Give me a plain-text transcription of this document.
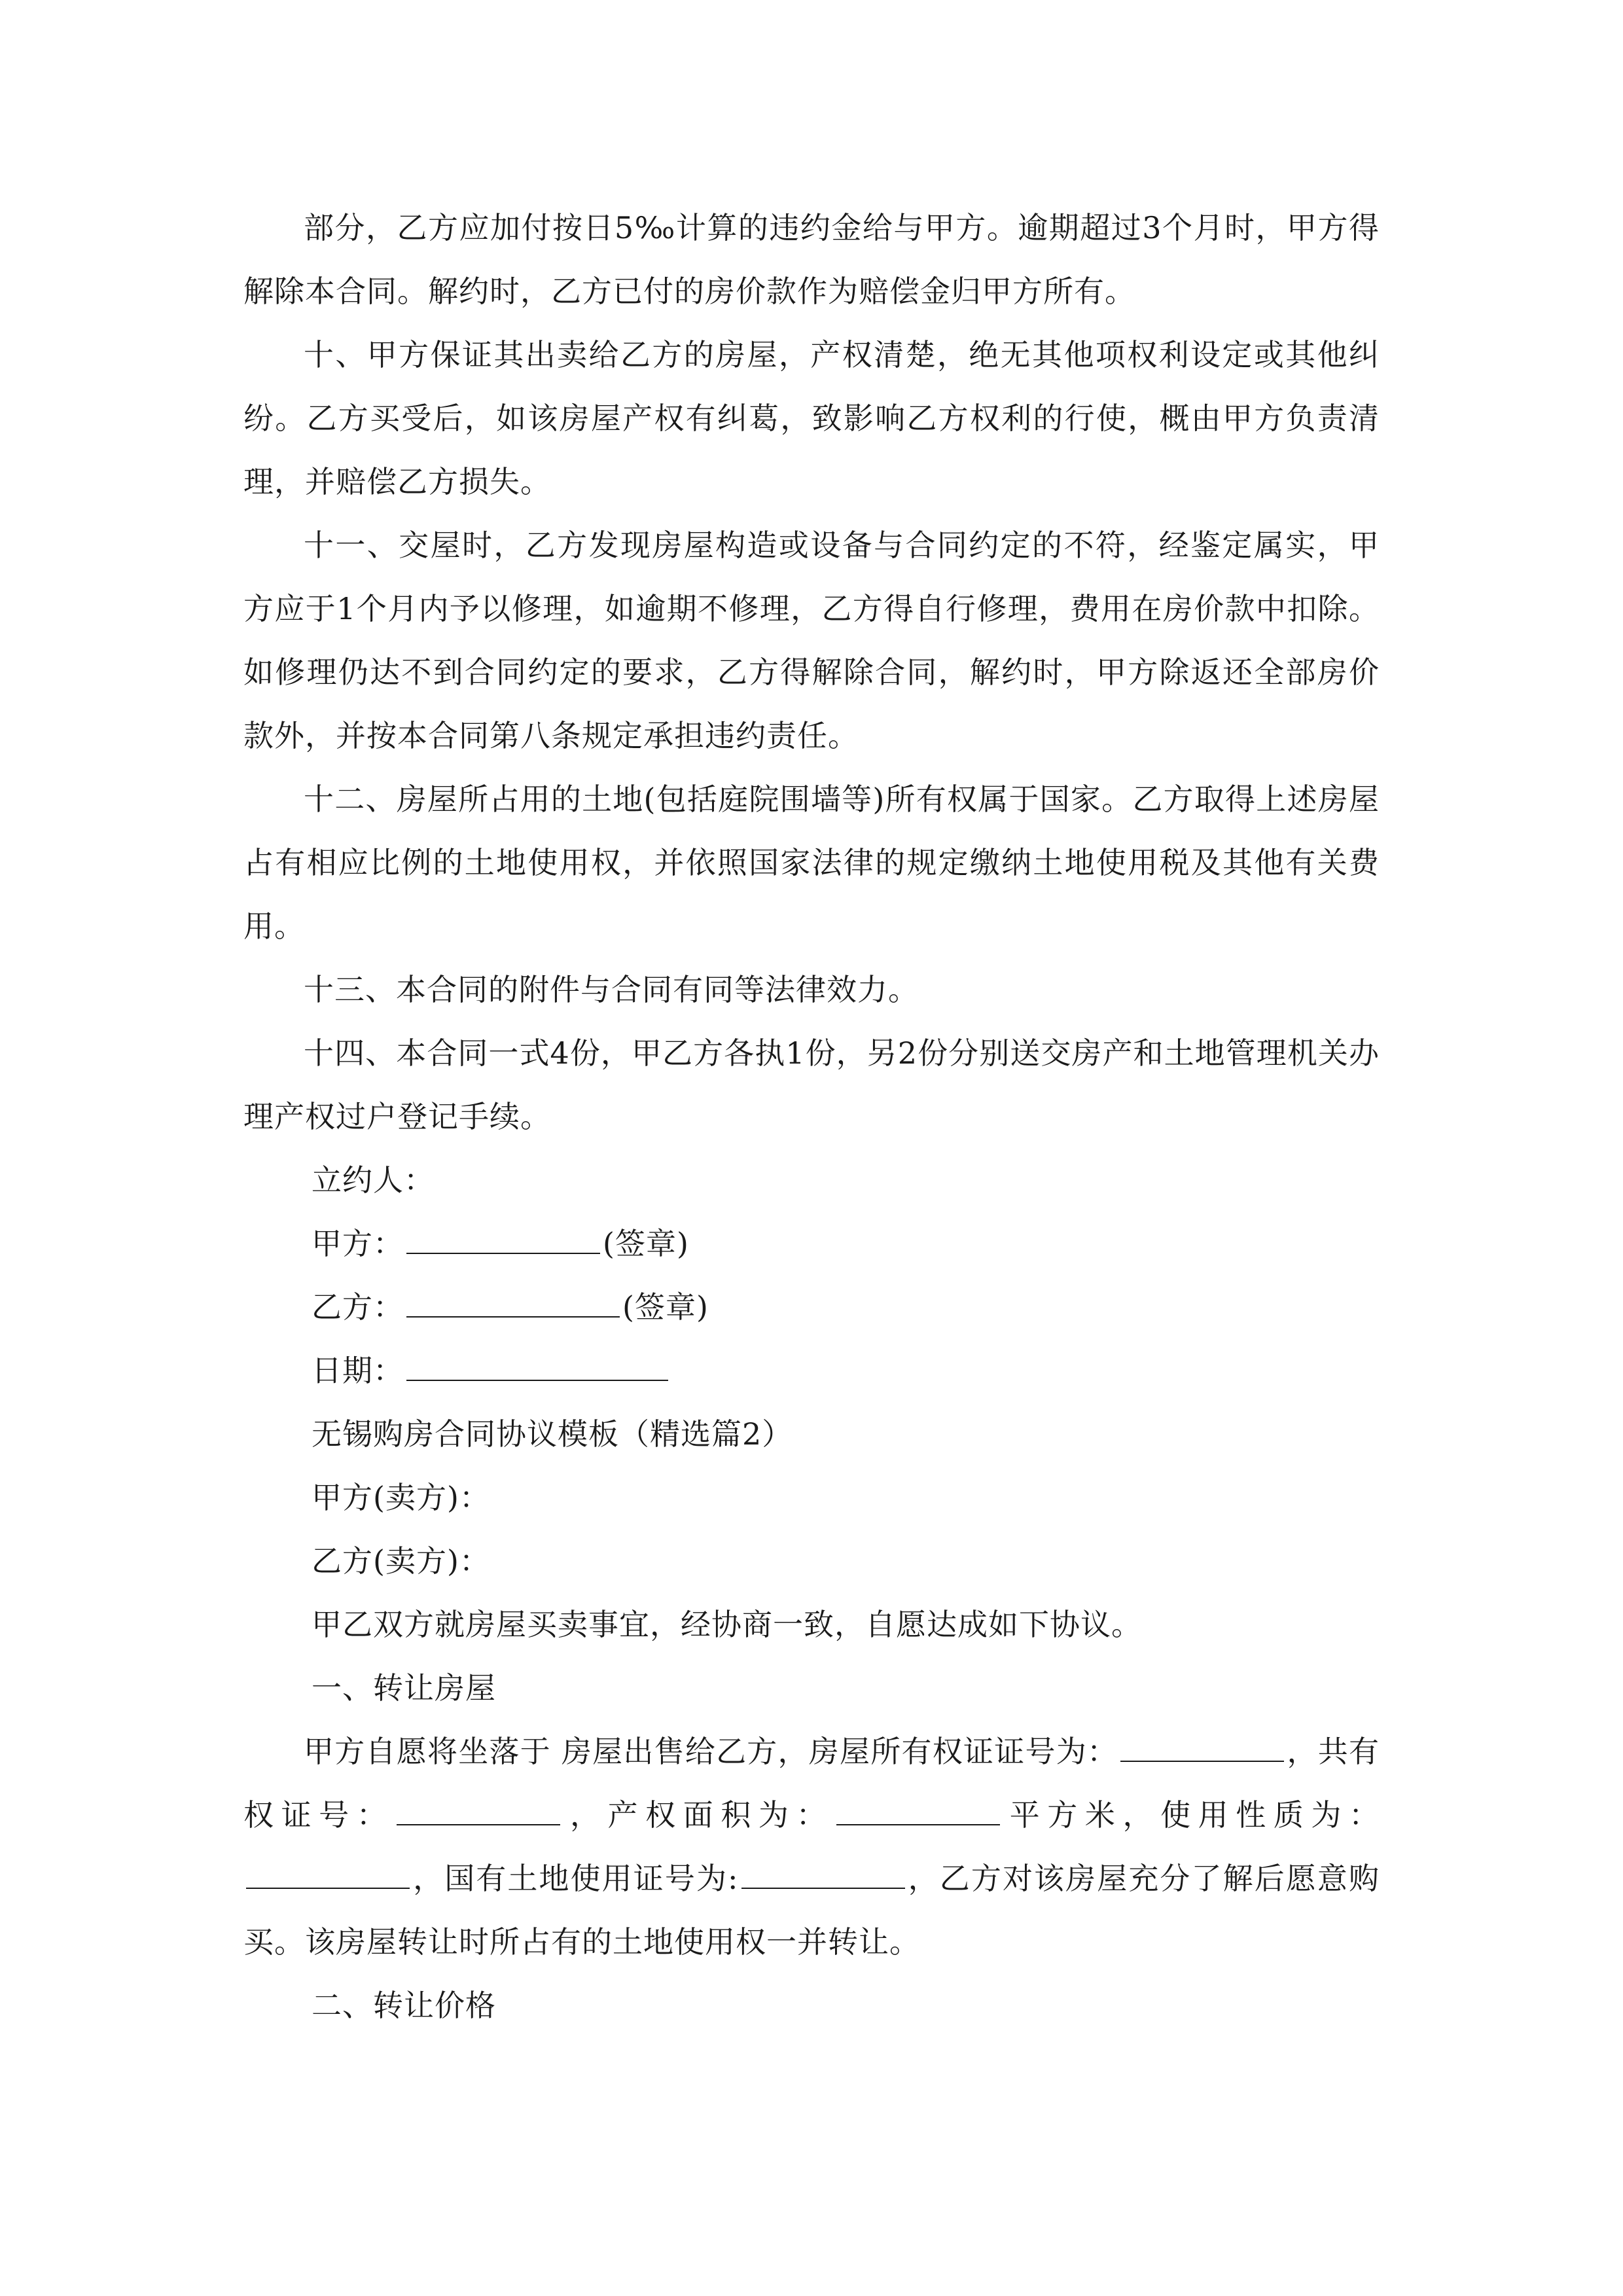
部分，乙方应加付按日5‰计算的违约金给与甲方。逾期超过3个月时，甲方得解除本合同。解约时，乙方已付的房价款作为赔偿金归甲方所有。

十、甲方保证其出卖给乙方的房屋，产权清楚，绝无其他项权利设定或其他纠纷。乙方买受后，如该房屋产权有纠葛，致影响乙方权利的行使，概由甲方负责清理，并赔偿乙方损失。

十一、交屋时，乙方发现房屋构造或设备与合同约定的不符，经鉴定属实，甲方应于1个月内予以修理，如逾期不修理，乙方得自行修理，费用在房价款中扣除。如修理仍达不到合同约定的要求，乙方得解除合同，解约时，甲方除返还全部房价款外，并按本合同第八条规定承担违约责任。

十二、房屋所占用的土地(包括庭院围墙等)所有权属于国家。乙方取得上述房屋占有相应比例的土地使用权，并依照国家法律的规定缴纳土地使用税及其他有关费用。

十三、本合同的附件与合同有同等法律效力。

十四、本合同一式4份，甲乙方各执1份，另2份分别送交房产和土地管理机关办理产权过户登记手续。

立约人：

甲方：	(签章)

乙方：	(签章)

日期：

无锡购房合同协议模板（精选篇2）

甲方(卖方)：

乙方(卖方)：

甲乙双方就房屋买卖事宜，经协商一致，自愿达成如下协议。

一、转让房屋

甲方自愿将坐落于 房屋出售给乙方，房屋所有权证证号为：	，共有权证号：	，产权面积为：	平方米，使用性质为：，国有土地使用证号为:	，乙方对该房屋充分了解后愿意购买。该房屋转让时所占有的土地使用权一并转让。

二、转让价格
